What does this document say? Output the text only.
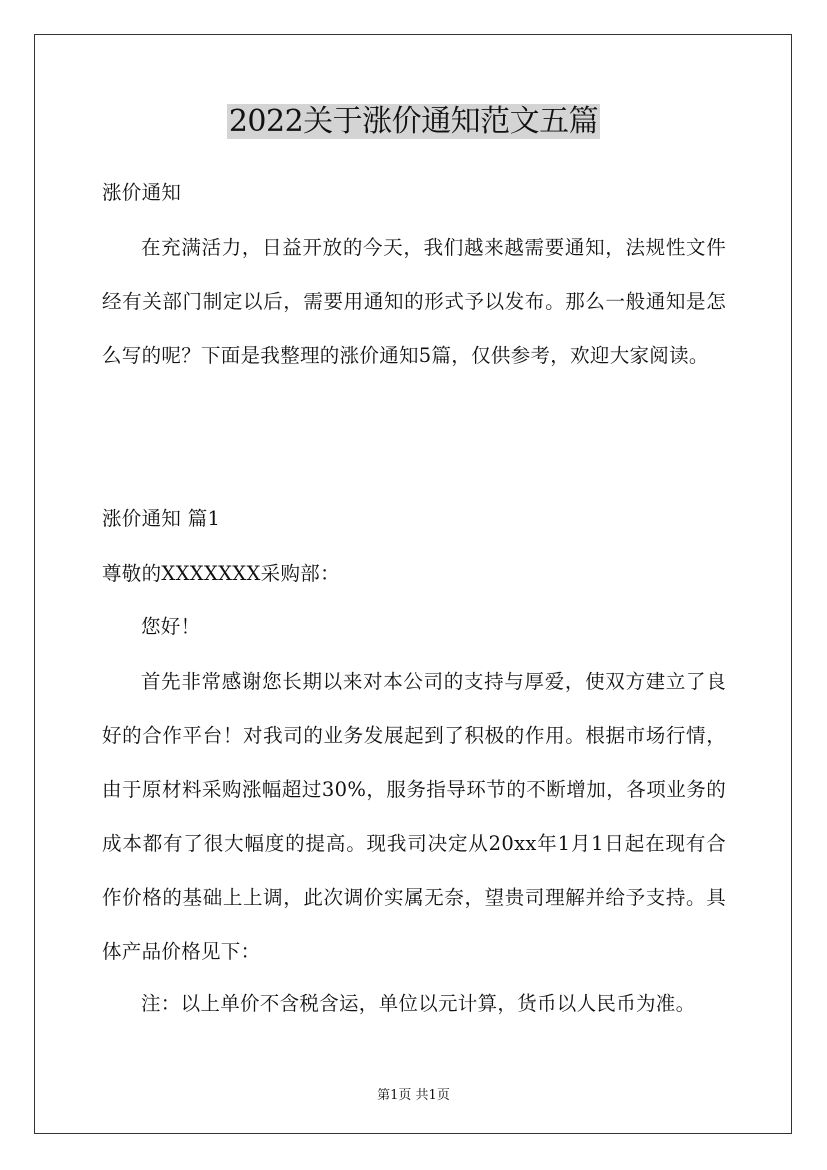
2022关于涨价通知范文五篇

涨价通知

在充满活力，日益开放的今天，我们越来越需要通知，法规性文件经有关部门制定以后，需要用通知的形式予以发布。那么一般通知是怎么写的呢？下面是我整理的涨价通知5篇，仅供参考，欢迎大家阅读。

涨价通知 篇1

尊敬的XXXXXXX采购部：

您好！

首先非常感谢您长期以来对本公司的支持与厚爱，使双方建立了良好的合作平台！对我司的业务发展起到了积极的作用。根据市场行情，由于原材料采购涨幅超过30%，服务指导环节的不断增加，各项业务的成本都有了很大幅度的提高。现我司决定从20xx年1月1日起在现有合作价格的基础上上调，此次调价实属无奈，望贵司理解并给予支持。具体产品价格见下：

注：以上单价不含税含运，单位以元计算，货币以人民币为准。

第1页 共1页
